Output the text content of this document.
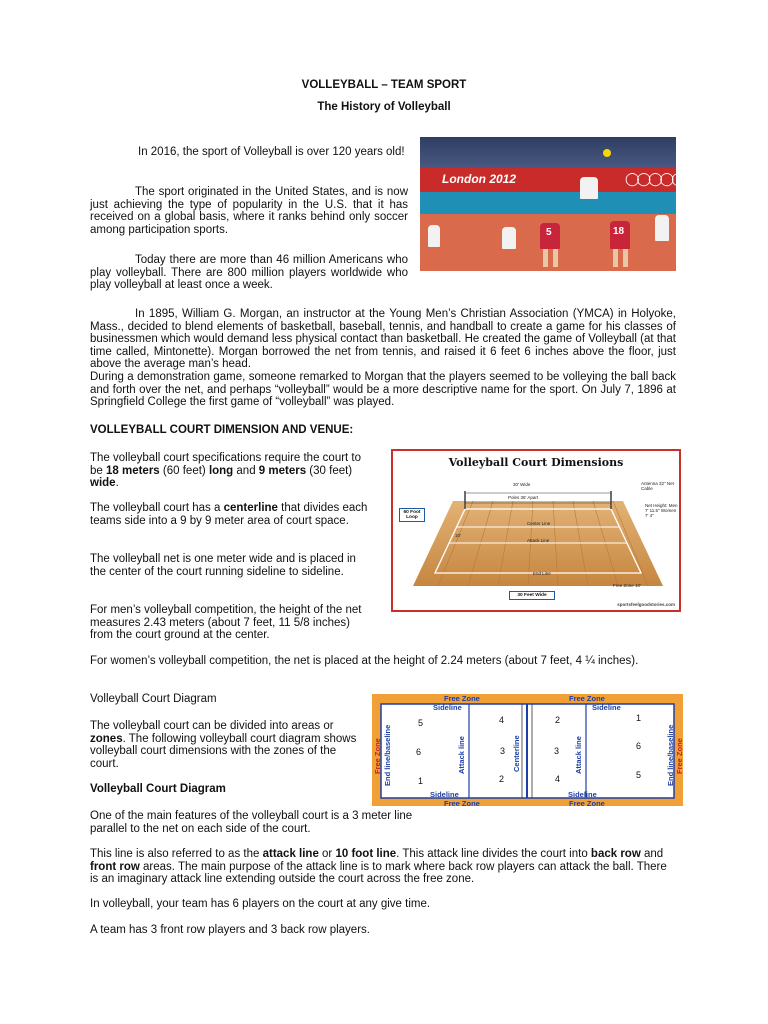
VOLLEYBALL – TEAM SPORT
The History of Volleyball
In 2016, the sport of Volleyball is over 120 years old!
The sport originated in the United States, and is now just achieving the type of popularity in the U.S. that it has received on a global basis, where it ranks behind only soccer among participation sports.
Today there are more than 46 million Americans who play volleyball. There are 800 million players worldwide who play volleyball at least once a week.
London 2012	◯◯◯◯◯
5	18
In 1895, William G. Morgan, an instructor at the Young Men’s Christian Association (YMCA) in Holyoke, Mass., decided to blend elements of basketball, baseball, tennis, and handball to create a game for his classes of businessmen which would demand less physical contact than basketball. He created the game of Volleyball (at that time called, Mintonette). Morgan borrowed the net from tennis, and raised it 6 feet 6 inches above the floor, just above the average man’s head.
During a demonstration game, someone remarked to Morgan that the players seemed to be volleying the ball back and forth over the net, and perhaps “volleyball” would be a more descriptive name for the sport. On July 7, 1896 at Springfield College the first game of “volleyball” was played.
VOLLEYBALL COURT DIMENSION AND VENUE:
The volleyball court specifications require the court to be 18 meters (60 feet) long and 9 meters (30 feet) wide.
The volleyball court has a centerline that divides each teams side into a 9 by 9 meter area of court space.
The volleyball net is one meter wide and is placed in the center of the court running sideline to sideline.
For men’s volleyball competition, the height of the net measures 2.43 meters (about 7 feet, 11 5/8 inches) from the court ground at the center.
For women’s volleyball competition, the net is placed at the height of 2.24 meters (about 7 feet, 4 ¼ inches).
Volleyball Court Dimensions
30' Wide
Poles 36' Apart
Antenna 32" Net Cable
Net Height: Men 7' 11.5" Women 7' 4"
Center Line
Attack Line
10'
End Line
Free Zone 10'
60 Foot Loop
30 Feet Wide
sportsfeelgoodstories.com
Volleyball Court Diagram
The volleyball court can be divided into areas or zones. The following volleyball court diagram shows volleyball court dimensions with the zones of the court.
Volleyball Court Diagram
Free Zone	Free Zone
Sideline	Sideline
Sideline	Sideline
Free Zone	Free Zone
Free Zone End line/baseline	Attack line	Centerline	Attack line	End line/baseline Free Zone
5
6
1
4
3
2
2
3
4
1
6
5
One of the main features of the volleyball court is a 3 meter line parallel to the net on each side of the court.
This line is also referred to as the attack line or 10 foot line. This attack line divides the court into back row and front row areas. The main purpose of the attack line is to mark where back row players can attack the ball. There is an imaginary attack line extending outside the court across the free zone.
In volleyball, your team has 6 players on the court at any give time.
A team has 3 front row players and 3 back row players.
